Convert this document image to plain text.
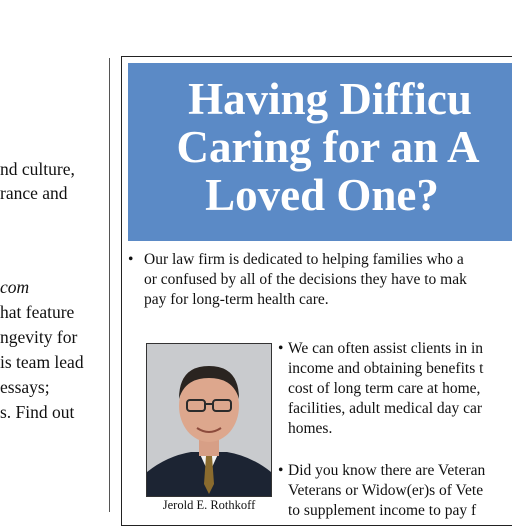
nd culture,
rance and
com
hat feature
ngevity for
is team lead
essays;
s. Find out
Having Difficu
Caring for an A
Loved One?
• Our law firm is dedicated to helping families who a
or confused by all of the decisions they have to mak
pay for long-term health care.
Jerold E. Rothkoff
• We can often assist clients in in
income and obtaining benefits t
cost of long term care at home,
facilities, adult medical day car
homes.
• Did you know there are Veteran
Veterans or Widow(er)s of Vete
to supplement income to pay f
